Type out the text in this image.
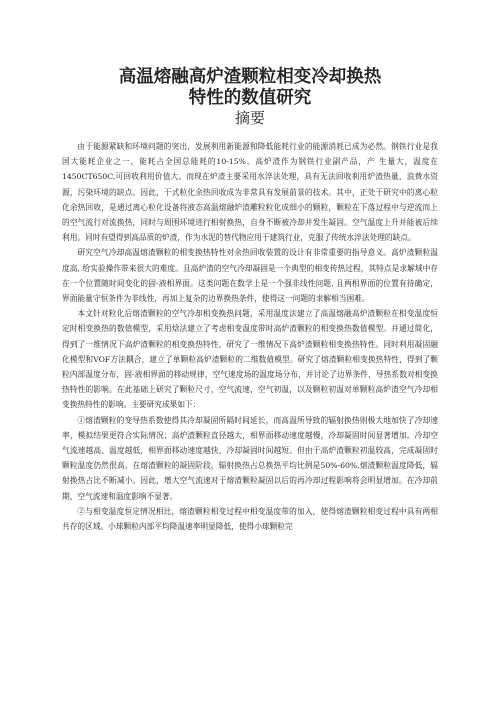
高温熔融高炉渣颗粒相变冷却换热
特性的数值研究
摘要

由于能源紧缺和环境问题的突出，发展利用新能源和降低能耗行业的能源消耗已成为必然。钢铁行业是我国大能耗企业之一，能耗占全国总能耗的10-15%。高炉渣作为钢铁行业副产品，产 生量大，温度在1450CT650C,可回收利用价值大。而现在炉渣主要采用水淬法处理，具有无法回收利用炉渣热量，浪费水资源，污染环境的缺点。因此，干式粒化余热回收成为非常具有发展前景的技术。其中，正处于研究中的离心粒化余热回收，是通过离心粒化设备将液态高温熔融炉渣雕粒粒化成细小的颗粒，颗粒在下落过程中与逆流而上的空气流行对流换热，同时与周围环境进行相射换热，自身不断被冷却并发生凝固。空气温度上升并能被后续利用。同时有望得到高品质的炉渣，作为水泥的替代物应用于建筑行业，克服了传统水淬法处理的缺点。

研究空气冷却高温熔渣颗粒的相变换热特性对余热回收装置的设计有非常重要的指导意义。高炉渣颗粒温度高, 给实验操作带来很大的难度。且高炉渣的空气冷却凝固是一个典型的相变传热过程，其特点是求解域中存在一个位置随时间变化的固-液相界面。这类问题在数学上是一个强非线性问题, 且两相界面的位置有待确定，界面能量守恒条件为非线性，再加上复杂的边界换热条件，使得这一问题的求解相当困难。

本文针对粒化后熔渣颗粒的空气冷却相变换热问题，采用温度法建立了高温熔融高炉渣颗粒在相变温度恒定时相变换热的数值模型，采用焓法建立了考虑相变温度带时高炉渣颗粒的相变换热数值模型。并通过简化，得到了一维情况下高炉渣颗粒的相变换热特性，研究了一维情况下高炉渣颗粒相变换热特性。同时利用凝固融化模型和VOF方法耦合，建立了单颗粒高炉渣颗粒的二维数值模型。研究了熔渣颗粒相变换热特性，得到了颗粒内部温度分布，固-液相界面的移动规律，空气速度场的温度场分布，并讨论了边界条件，导热系数对相变换热特性的影响。在此基础上研究了颗粒尺寸，空气流速，空气初温，以及颗粒初温对单颗粒高炉渣空气冷却相变换热特性的影响。主要研究成果如下：

①熔渣颗粒的变导热系数使得其冷却凝固所隔时间延长，而高温所导致的辐射换热则极大地加快了冷却速率，模拟结果更符合实际情况；高炉渣颗粒直径越大，相界面移动速度越慢，冷却凝固时间显著增加。冷却空气流速越高、温度越低，相界面移动速度越快，冷却凝固时间越短。但由于高炉渣颗粒初温较高，完成凝固时颗粒温度仍然很高。在熔渣颗粒的凝固阶段，辐射换热占总换热平均比例是50%-60%,熔渣颗粒温度降低，辐射换热占比不断减小。因此，增大空气流速对于熔渣颗粒凝固以后的再冷却过程影响将会明显增加。在冷却前期，空气流速和温度影响不显著。

②与相变温度恒定情况相比，熔渣颗粒相变过程中相变温度带的加入，使得熔渣颗粒相变过程中具有两相共存的区域。小球颗粒内部平均降温速率明显降低，使得小球颗粒完
